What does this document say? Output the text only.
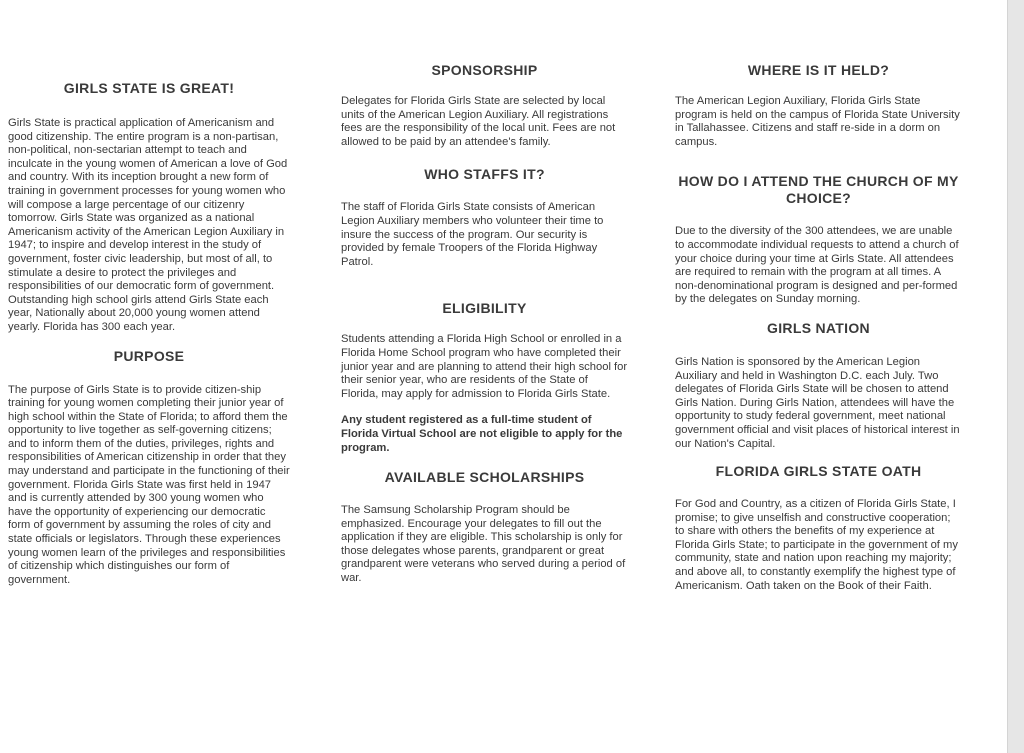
GIRLS STATE IS GREAT!

Girls State is practical application of Americanism and good citizenship. The entire program is a non-partisan, non-political, non-sectarian attempt to teach and inculcate in the young women of American a love of God and country. With its inception brought a new form of training in government processes for young women who will compose a large percentage of our citizenry tomorrow. Girls State was organized as a national Americanism activity of the American Legion Auxiliary in 1947; to inspire and develop interest in the study of government, foster civic leadership, but most of all, to stimulate a desire to protect the privileges and responsibilities of our democratic form of government. Outstanding high school girls attend Girls State each year, Nationally about 20,000 young women attend yearly. Florida has 300 each year.

PURPOSE

The purpose of Girls State is to provide citizen-ship training for young women completing their junior year of high school within the State of Florida; to afford them the opportunity to live together as self-governing citizens; and to inform them of the duties, privileges, rights and responsibilities of American citizenship in order that they may understand and participate in the functioning of their government. Florida Girls State was first held in 1947 and is currently attended by 300 young women who have the opportunity of experiencing our democratic form of government by assuming the roles of city and state officials or legislators. Through these experiences young women learn of the privileges and responsibilities of citizenship which distinguishes our form of government.

SPONSORSHIP

Delegates for Florida Girls State are selected by local units of the American Legion Auxiliary. All registrations fees are the responsibility of the local unit. Fees are not allowed to be paid by an attendee's family.

WHO STAFFS IT?

The staff of Florida Girls State consists of American Legion Auxiliary members who volunteer their time to insure the success of the program. Our security is provided by female Troopers of the Florida Highway Patrol.

ELIGIBILITY

Students attending a Florida High School or enrolled in a Florida Home School program who have completed their junior year and are planning to attend their high school for their senior year, who are residents of the State of Florida, may apply for admission to Florida Girls State.

Any student registered as a full-time student of Florida Virtual School are not eligible to apply for the program.

AVAILABLE SCHOLARSHIPS

The Samsung Scholarship Program should be emphasized. Encourage your delegates to fill out the application if they are eligible. This scholarship is only for those delegates whose parents, grandparent or great grandparent were veterans who served during a period of war.

WHERE IS IT HELD?

The American Legion Auxiliary, Florida Girls State program is held on the campus of Florida State University in Tallahassee. Citizens and staff re-side in a dorm on campus.

HOW DO I ATTEND THE CHURCH OF MY CHOICE?

Due to the diversity of the 300 attendees, we are unable to accommodate individual requests to attend a church of your choice during your time at Girls State. All attendees are required to remain with the program at all times. A non-denominational program is designed and per-formed by the delegates on Sunday morning.

GIRLS NATION

Girls Nation is sponsored by the American Legion Auxiliary and held in Washington D.C. each July. Two delegates of Florida Girls State will be chosen to attend Girls Nation. During Girls Nation, attendees will have the opportunity to study federal government, meet national government official and visit places of historical interest in our Nation's Capital.

FLORIDA GIRLS STATE OATH

For God and Country, as a citizen of Florida Girls State, I promise; to give unselfish and constructive cooperation; to share with others the benefits of my experience at Florida Girls State; to participate in the government of my community, state and nation upon reaching my majority; and above all, to constantly exemplify the highest type of Americanism. Oath taken on the Book of their Faith.
